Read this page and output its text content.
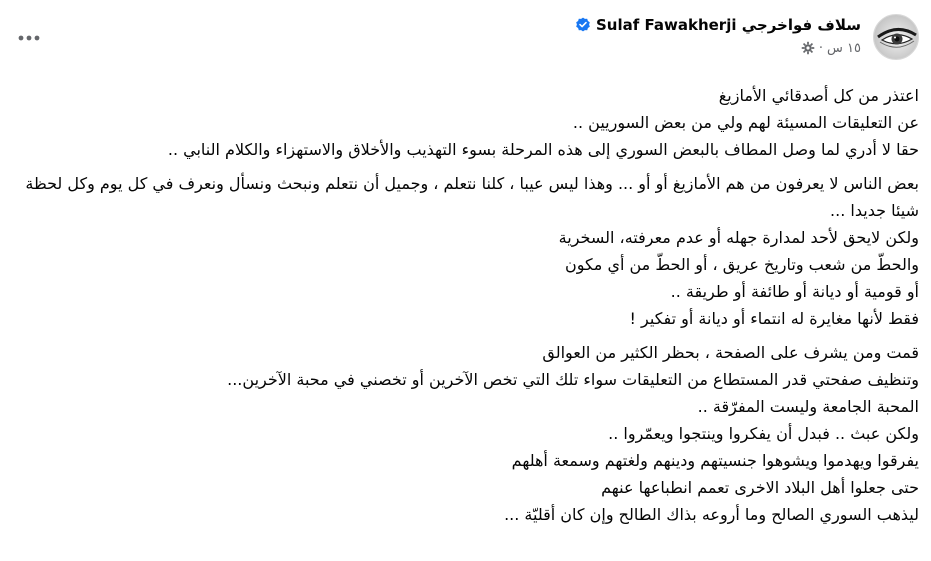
Sulaf Fawakherji سلاف فواخرجي
١٥ س
·
اعتذر من كل أصدقائي الأمازيغ
عن التعليقات المسيئة لهم ولي من بعض السوريين ..
حقا لا أدري لما وصل المطاف بالبعض السوري إلى هذه المرحلة بسوء التهذيب والأخلاق والاستهزاء والكلام النابي ..
بعض الناس لا يعرفون من هم الأمازيغ أو أو ... وهذا ليس عيبا ، كلنا نتعلم ، وجميل أن نتعلم ونبحث ونسأل ونعرف في كل يوم وكل لحظة شيئا جديدا ...
ولكن لايحق لأحد لمدارة جهله أو عدم معرفته، السخرية
والحطّ من شعب وتاريخ عريق ، أو الحطّ من أي مكون
أو قومية أو ديانة أو طائفة أو طريقة ..
فقط لأنها مغايرة له انتماء أو ديانة أو تفكير !
قمت ومن يشرف على الصفحة ، بحظر الكثير من العوالق
وتنظيف صفحتي قدر المستطاع من التعليقات سواء تلك التي تخص الآخرين أو تخصني في محبة الآخرين...
المحبة الجامعة وليست المفرّقة ..
ولكن عبث .. فبدل أن يفكروا وينتجوا ويعمّروا ..
يفرقوا ويهدموا ويشوهوا جنسيتهم ودينهم ولغتهم وسمعة أهلهم
حتى جعلوا أهل البلاد الاخرى تعمم انطباعها عنهم
ليذهب السوري الصالح وما أروعه بذاك الطالح وإن كان أقليّة ...
